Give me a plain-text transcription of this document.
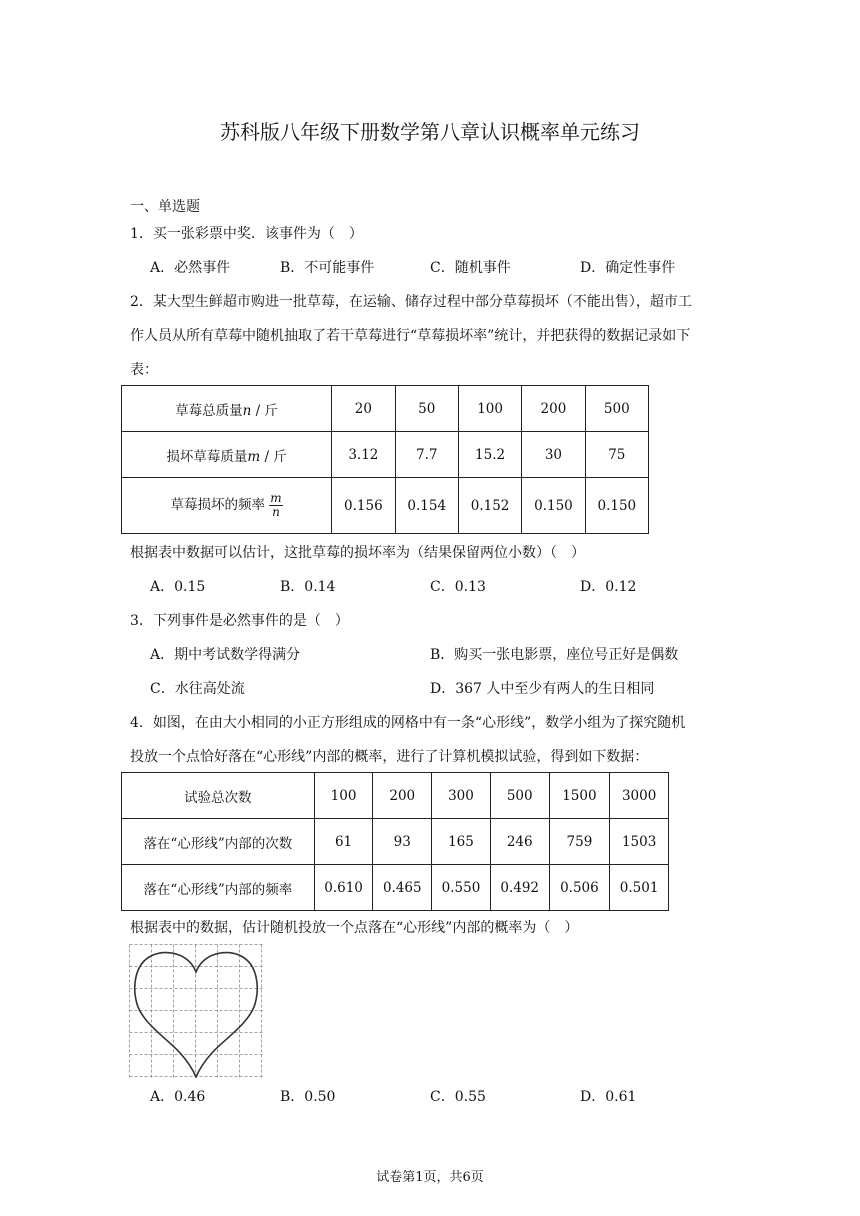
苏科版八年级下册数学第八章认识概率单元练习
一、单选题
1．买一张彩票中奖．该事件为（　）
A．必然事件	B．不可能事件	C．随机事件	D．确定性事件
2．某大型生鲜超市购进一批草莓，在运输、储存过程中部分草莓损坏（不能出售），超市工
作人员从所有草莓中随机抽取了若干草莓进行“草莓损坏率”统计，并把获得的数据记录如下
表：
草莓总质量n / 斤	20	50	100	200	500
损坏草莓质量m / 斤	3.12	7.7	15.2	30	75
草莓损坏的频率 $\frac{m}{n}$	0.156	0.154	0.152	0.150	0.150
根据表中数据可以估计，这批草莓的损坏率为（结果保留两位小数）（　）
A．0.15	B．0.14	C．0.13	D．0.12
3．下列事件是必然事件的是（　）
A．期中考试数学得满分	B．购买一张电影票，座位号正好是偶数
C．水往高处流	D．367 人中至少有两人的生日相同
4．如图，在由大小相同的小正方形组成的网格中有一条“心形线”，数学小组为了探究随机
投放一个点恰好落在“心形线”内部的概率，进行了计算机模拟试验，得到如下数据：
试验总次数	100	200	300	500	1500	3000
落在“心形线”内部的次数	61	93	165	246	759	1503
落在“心形线”内部的频率	0.610	0.465	0.550	0.492	0.506	0.501
根据表中的数据，估计随机投放一个点落在“心形线”内部的概率为（　）
A．0.46	B．0.50	C．0.55	D．0.61
试卷第1页，共6页
